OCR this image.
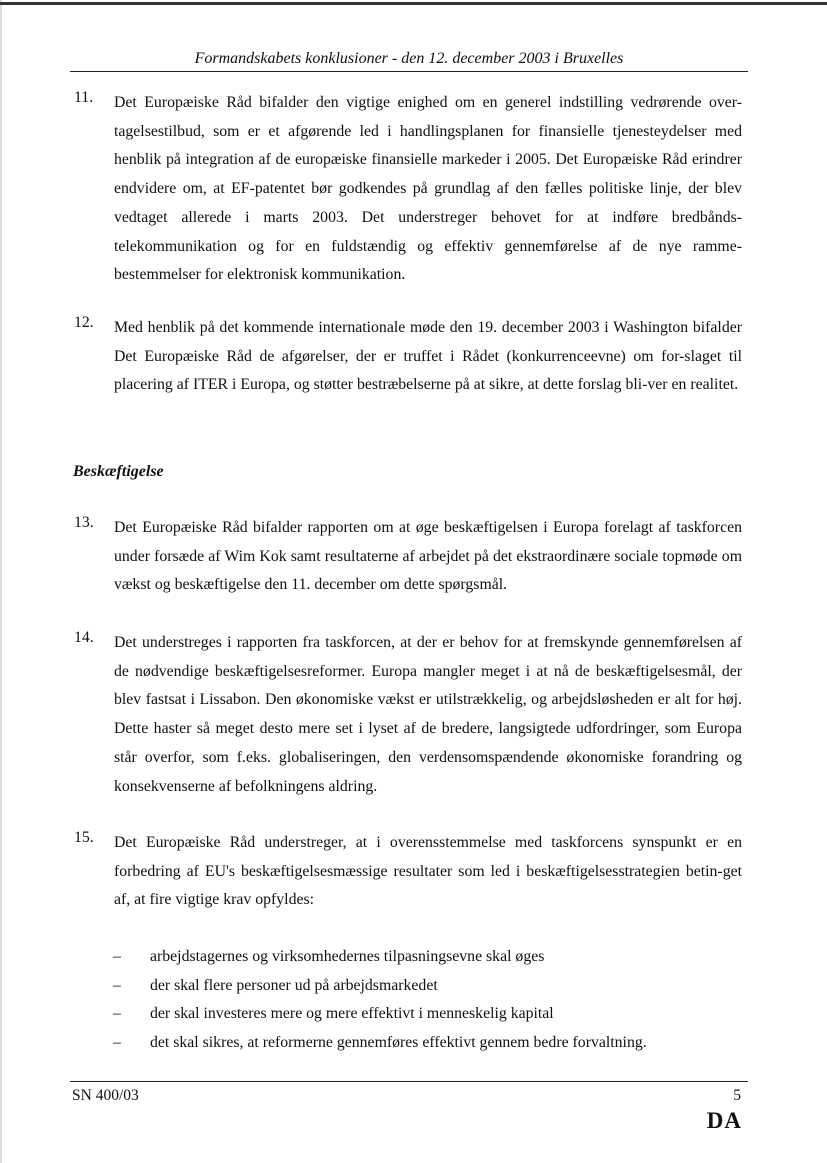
Formandskabets konklusioner - den 12. december 2003 i Bruxelles
11. Det Europæiske Råd bifalder den vigtige enighed om en generel indstilling vedrørende over-tagelsestilbud, som er et afgørende led i handlingsplanen for finansielle tjenesteydelser med henblik på integration af de europæiske finansielle markeder i 2005. Det Europæiske Råd erindrer endvidere om, at EF-patentet bør godkendes på grundlag af den fælles politiske linje, der blev vedtaget allerede i marts 2003. Det understreger behovet for at indføre bredbånds-telekommunikation og for en fuldstændig og effektiv gennemførelse af de nye ramme-bestemmelser for elektronisk kommunikation.
12. Med henblik på det kommende internationale møde den 19. december 2003 i Washington bifalder Det Europæiske Råd de afgørelser, der er truffet i Rådet (konkurrenceevne) om for-slaget til placering af ITER i Europa, og støtter bestræbelserne på at sikre, at dette forslag bli-ver en realitet.
Beskæftigelse
13. Det Europæiske Råd bifalder rapporten om at øge beskæftigelsen i Europa forelagt af taskforcen under forsæde af Wim Kok samt resultaterne af arbejdet på det ekstraordinære sociale topmøde om vækst og beskæftigelse den 11. december om dette spørgsmål.
14. Det understreges i rapporten fra taskforcen, at der er behov for at fremskynde gennemførelsen af de nødvendige beskæftigelsesreformer. Europa mangler meget i at nå de beskæftigelsesmål, der blev fastsat i Lissabon. Den økonomiske vækst er utilstrækkelig, og arbejdsløsheden er alt for høj. Dette haster så meget desto mere set i lyset af de bredere, langsigtede udfordringer, som Europa står overfor, som f.eks. globaliseringen, den verdensomspændende økonomiske forandring og konsekvenserne af befolkningens aldring.
15. Det Europæiske Råd understreger, at i overensstemmelse med taskforcens synspunkt er en forbedring af EU's beskæftigelsesmæssige resultater som led i beskæftigelsesstrategien betin-get af, at fire vigtige krav opfyldes:
– arbejdstagernes og virksomhedernes tilpasningsevne skal øges
– der skal flere personer ud på arbejdsmarkedet
– der skal investeres mere og mere effektivt i menneskelig kapital
– det skal sikres, at reformerne gennemføres effektivt gennem bedre forvaltning.
SN 400/03	5
DA
